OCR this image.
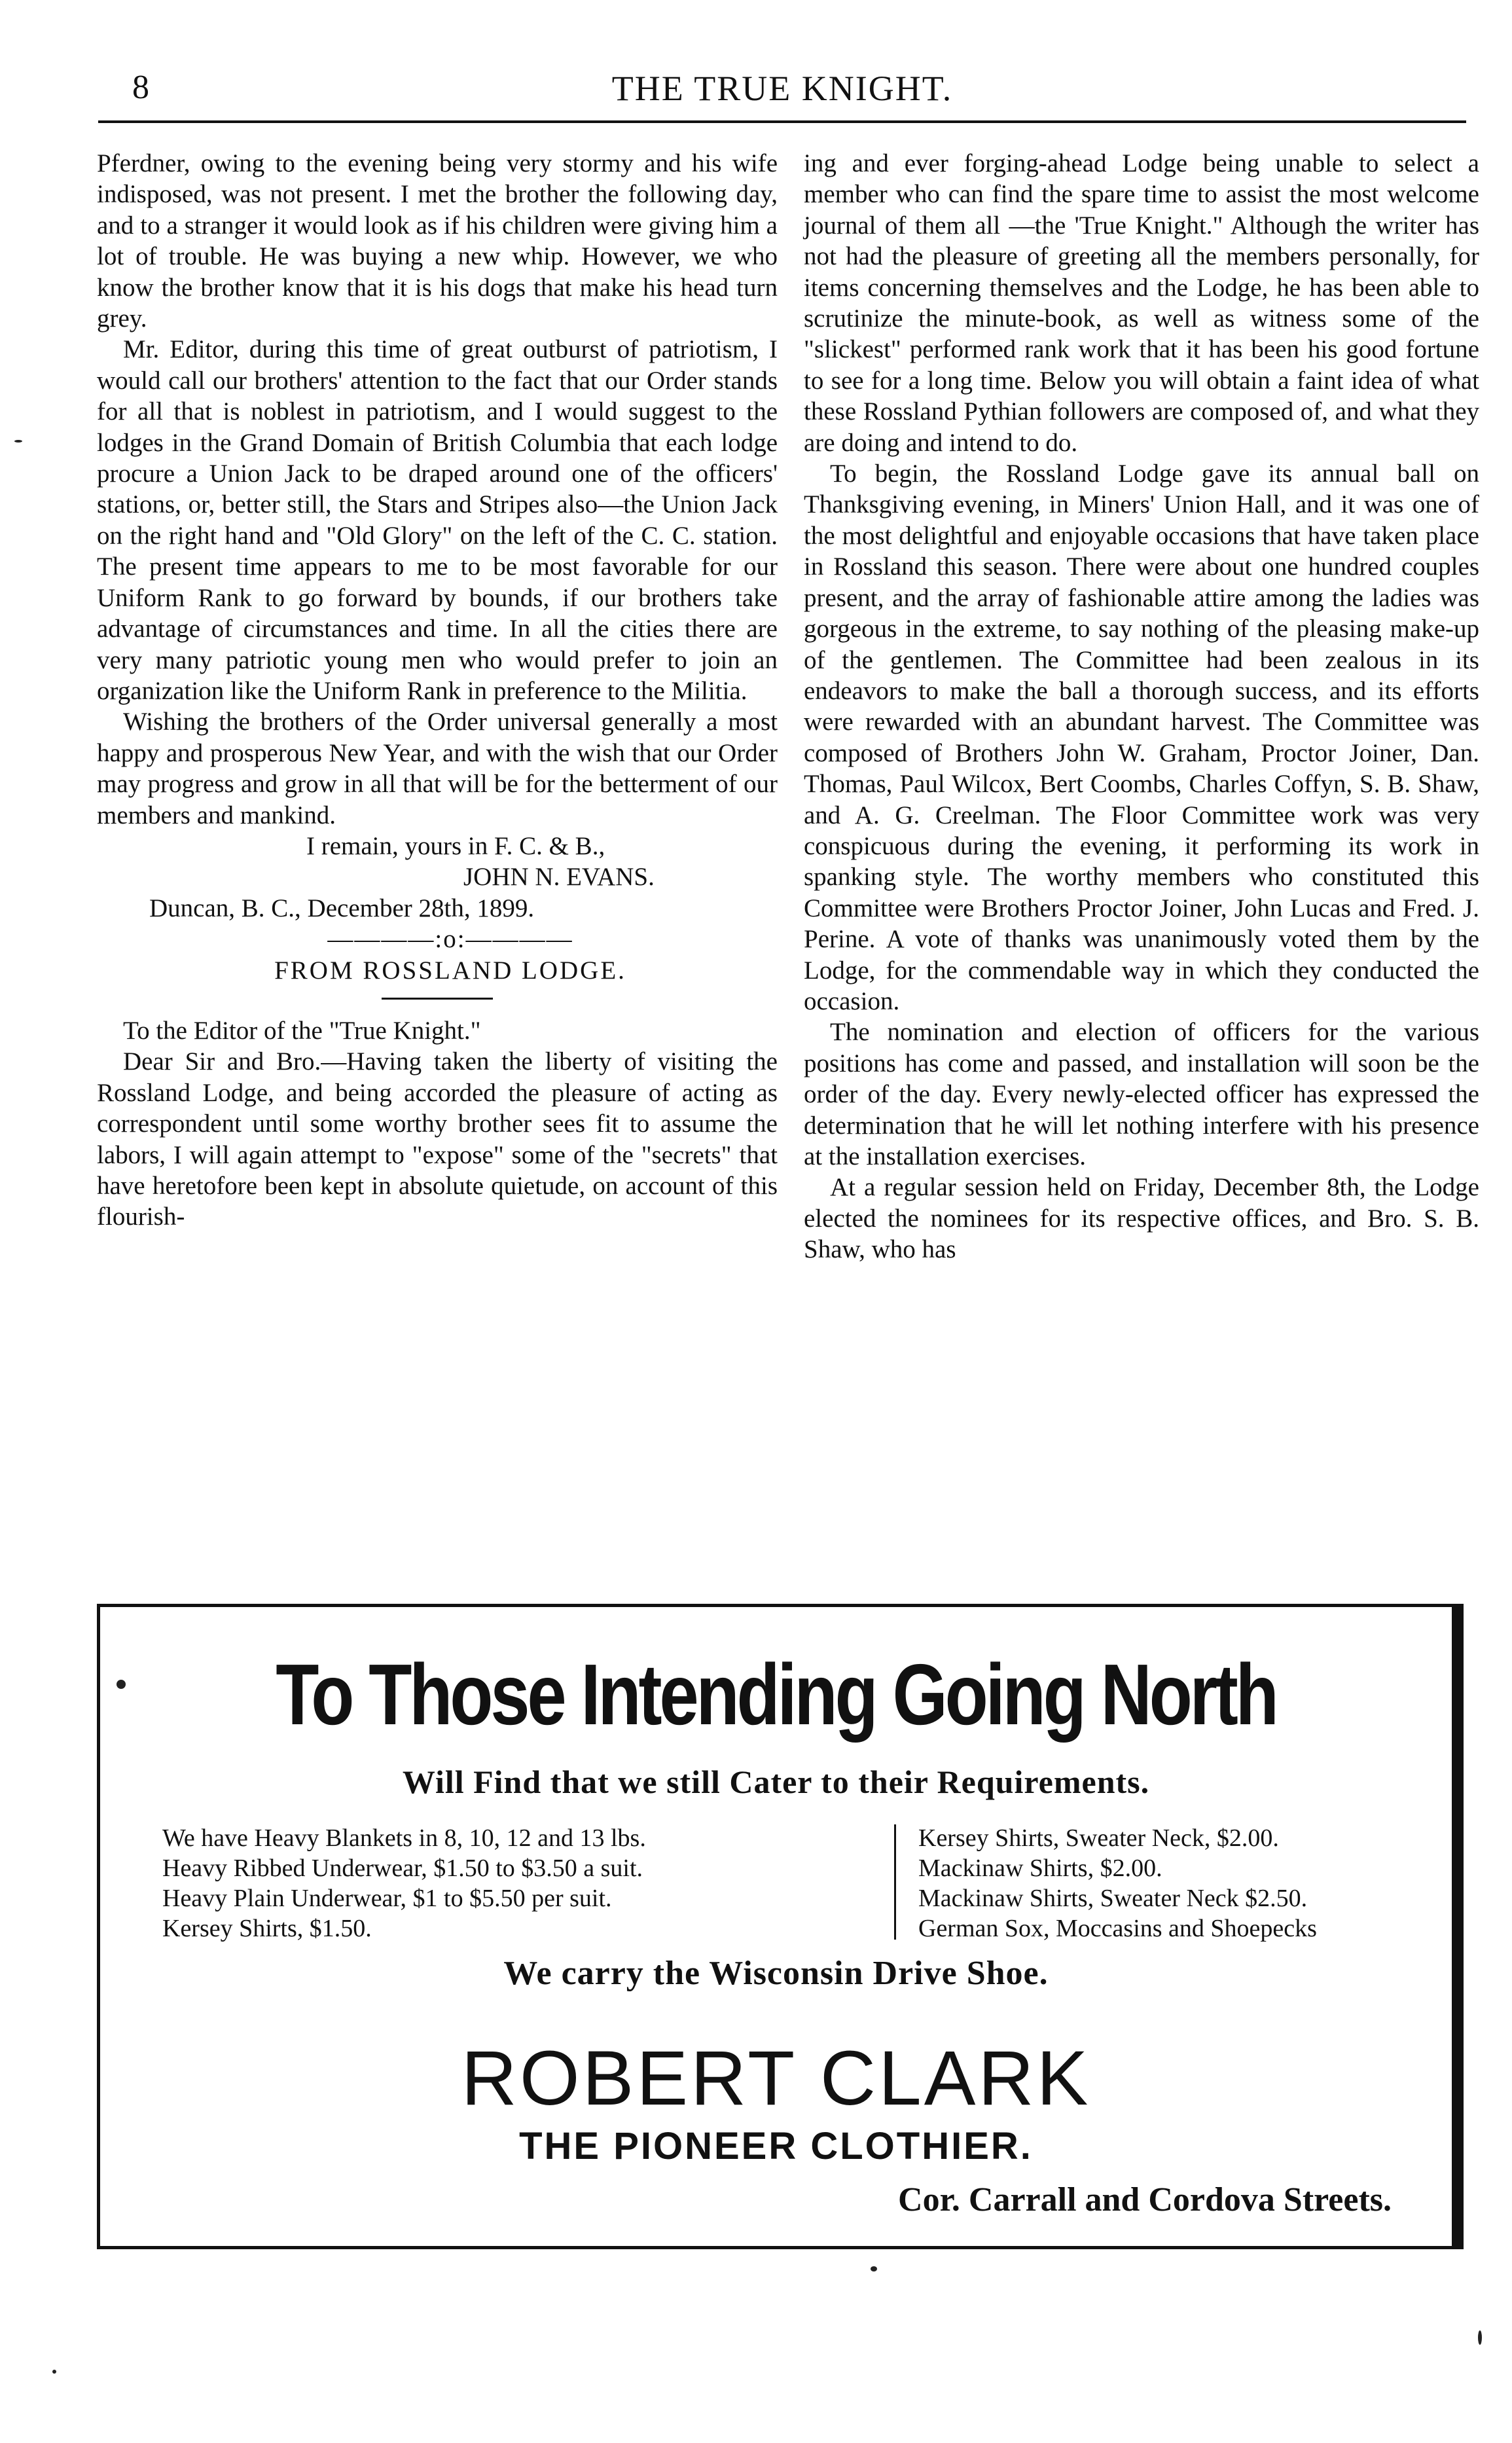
8	THE TRUE KNIGHT.

Pferdner, owing to the evening being very stormy and his wife indisposed, was not present. I met the brother the following day, and to a stranger it would look as if his children were giving him a lot of trouble. He was buying a new whip. However, we who know the brother know that it is his dogs that make his head turn grey.

Mr. Editor, during this time of great outburst of patriotism, I would call our brothers' attention to the fact that our Order stands for all that is noblest in patriotism, and I would suggest to the lodges in the Grand Domain of British Columbia that each lodge procure a Union Jack to be draped around one of the officers' stations, or, better still, the Stars and Stripes also—the Union Jack on the right hand and "Old Glory" on the left of the C. C. station. The present time appears to me to be most favorable for our Uniform Rank to go forward by bounds, if our brothers take advantage of circumstances and time. In all the cities there are very many patriotic young men who would prefer to join an organization like the Uniform Rank in preference to the Militia.

Wishing the brothers of the Order universal generally a most happy and prosperous New Year, and with the wish that our Order may progress and grow in all that will be for the betterment of our members and mankind.

I remain, yours in F. C. & B.,

JOHN N. EVANS.

Duncan, B. C., December 28th, 1899.

————:o:————

FROM ROSSLAND LODGE.

To the Editor of the "True Knight."

Dear Sir and Bro.—Having taken the liberty of visiting the Rossland Lodge, and being accorded the pleasure of acting as correspondent until some worthy brother sees fit to assume the labors, I will again attempt to "expose" some of the "secrets" that have heretofore been kept in absolute quietude, on account of this flourish-

ing and ever forging-ahead Lodge being unable to select a member who can find the spare time to assist the most welcome journal of them all —the 'True Knight." Although the writer has not had the pleasure of greeting all the members personally, for items concerning themselves and the Lodge, he has been able to scrutinize the minute-book, as well as witness some of the "slickest" performed rank work that it has been his good fortune to see for a long time. Below you will obtain a faint idea of what these Rossland Pythian followers are composed of, and what they are doing and intend to do.

To begin, the Rossland Lodge gave its annual ball on Thanksgiving evening, in Miners' Union Hall, and it was one of the most delightful and enjoyable occasions that have taken place in Rossland this season. There were about one hundred couples present, and the array of fashionable attire among the ladies was gorgeous in the extreme, to say nothing of the pleasing make-up of the gentlemen. The Committee had been zealous in its endeavors to make the ball a thorough success, and its efforts were rewarded with an abundant harvest. The Committee was composed of Brothers John W. Graham, Proctor Joiner, Dan. Thomas, Paul Wilcox, Bert Coombs, Charles Coffyn, S. B. Shaw, and A. G. Creelman. The Floor Committee work was very conspicuous during the evening, it performing its work in spanking style. The worthy members who constituted this Committee were Brothers Proctor Joiner, John Lucas and Fred. J. Perine. A vote of thanks was unanimously voted them by the Lodge, for the commendable way in which they conducted the occasion.

The nomination and election of officers for the various positions has come and passed, and installation will soon be the order of the day. Every newly-elected officer has expressed the determination that he will let nothing interfere with his presence at the installation exercises.

At a regular session held on Friday, December 8th, the Lodge elected the nominees for its respective offices, and Bro. S. B. Shaw, who has

To Those Intending Going North
Will Find that we still Cater to their Requirements.
We have Heavy Blankets in 8, 10, 12 and 13 lbs.
Heavy Ribbed Underwear, $1.50 to $3.50 a suit.
Heavy Plain Underwear, $1 to $5.50 per suit.
Kersey Shirts, $1.50.
Kersey Shirts, Sweater Neck, $2.00.
Mackinaw Shirts, $2.00.
Mackinaw Shirts, Sweater Neck $2.50.
German Sox, Moccasins and Shoepecks
We carry the Wisconsin Drive Shoe.
ROBERT CLARK
THE PIONEER CLOTHIER.
Cor. Carrall and Cordova Streets.
